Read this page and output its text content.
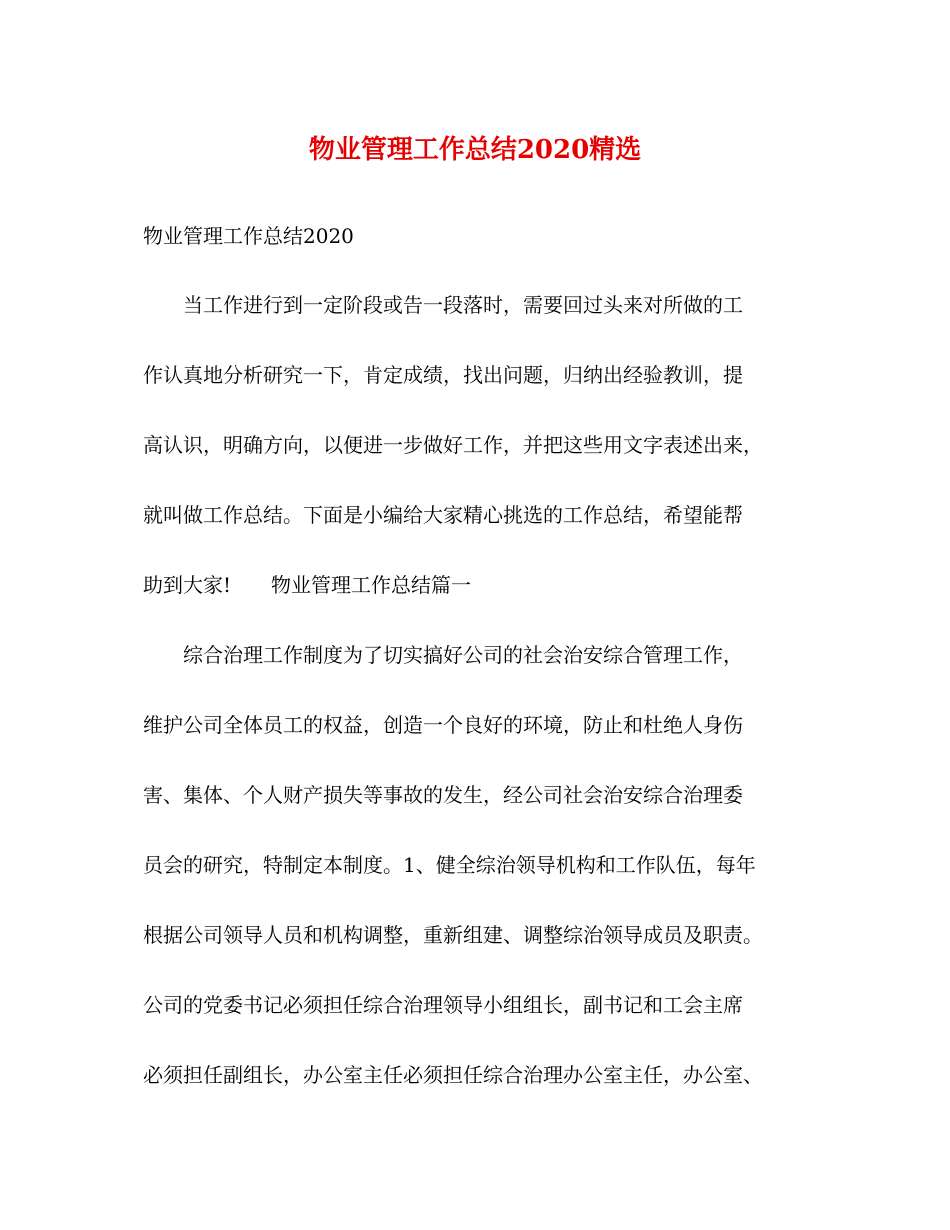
物业管理工作总结2020精选
物业管理工作总结2020
　　当工作进行到一定阶段或告一段落时，需要回过头来对所做的工
作认真地分析研究一下，肯定成绩，找出问题，归纳出经验教训，提
高认识，明确方向，以便进一步做好工作，并把这些用文字表述出来，
就叫做工作总结。下面是小编给大家精心挑选的工作总结，希望能帮
助到大家!　　物业管理工作总结篇一
　　综合治理工作制度为了切实搞好公司的社会治安综合管理工作，
维护公司全体员工的权益，创造一个良好的环境，防止和杜绝人身伤
害、集体、个人财产损失等事故的发生，经公司社会治安综合治理委
员会的研究，特制定本制度。1、健全综治领导机构和工作队伍，每年
根据公司领导人员和机构调整，重新组建、调整综治领导成员及职责。
公司的党委书记必须担任综合治理领导小组组长，副书记和工会主席
必须担任副组长，办公室主任必须担任综合治理办公室主任，办公室、
